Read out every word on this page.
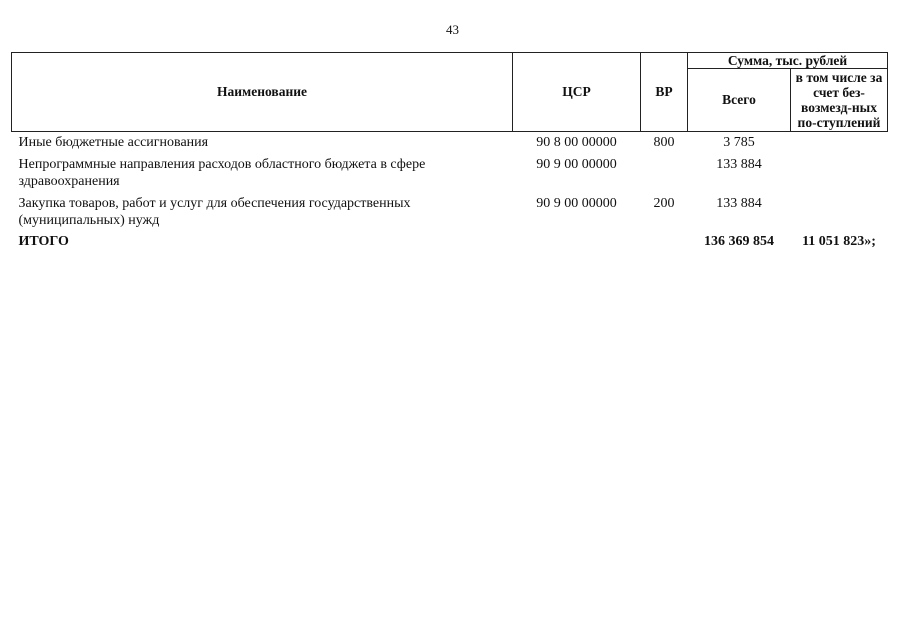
43
Наименование	ЦСР	ВР	Сумма, тыс. рублей	
			Всего	в том числе за счет без-возмезд-ных по-ступлений

Иные бюджетные ассигнования	90 8 00 00000	800	3 785	
Непрограммные направления расходов областного бюджета в сфере здравоохранения	90 9 00 00000		133 884	
Закупка товаров, работ и услуг для обеспечения государственных (муниципальных) нужд	90 9 00 00000	200	133 884	
ИТОГО			136 369 854	11 051 823»;
